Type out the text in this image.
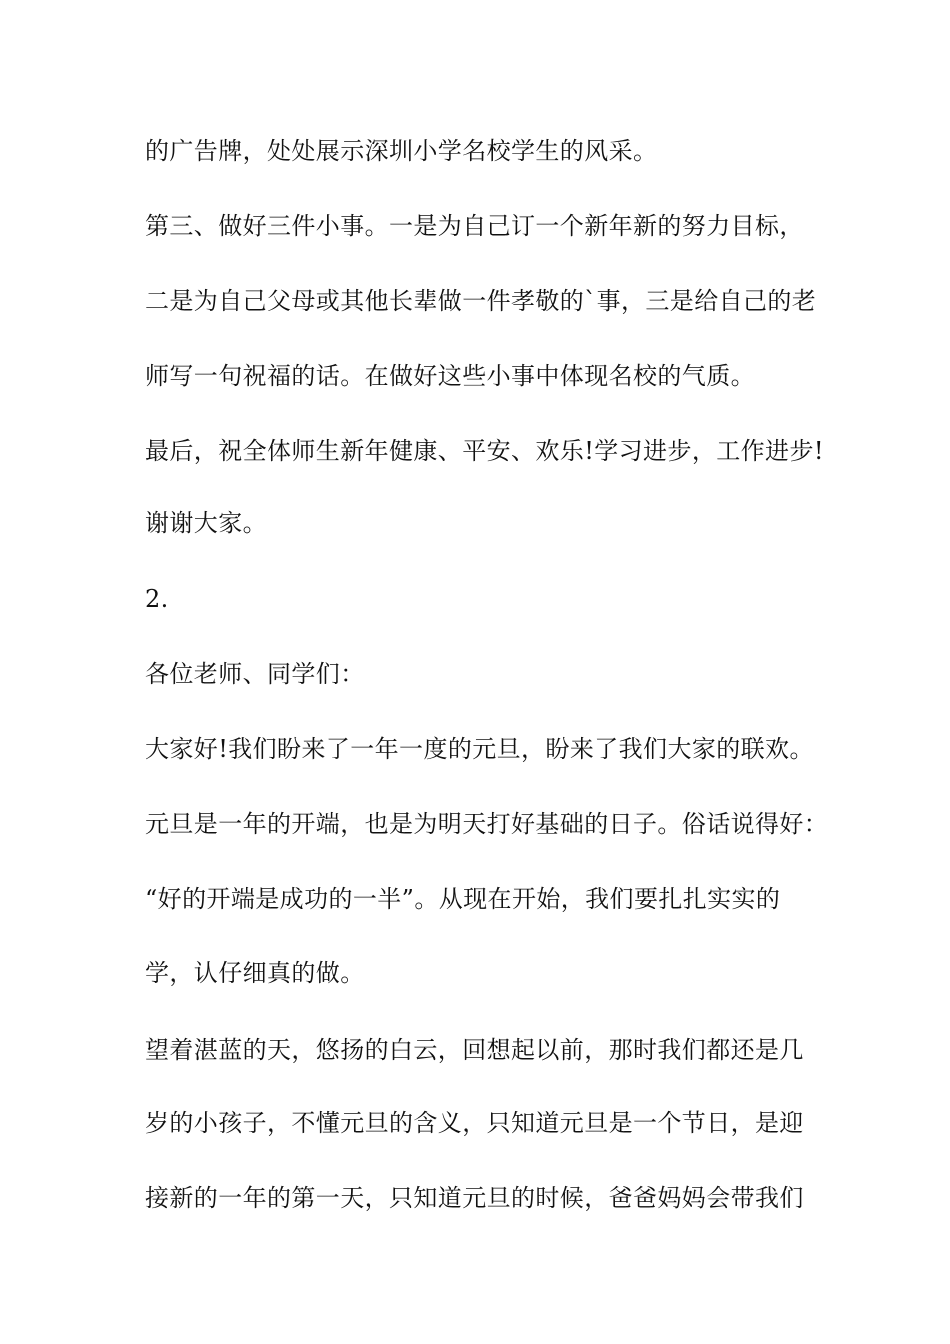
的广告牌，处处展示深圳小学名校学生的风采。
第三、做好三件小事。一是为自己订一个新年新的努力目标，
二是为自己父母或其他长辈做一件孝敬的`事，三是给自己的老
师写一句祝福的话。在做好这些小事中体现名校的气质。
最后，祝全体师生新年健康、平安、欢乐!学习进步，工作进步!
谢谢大家。
2.
各位老师、同学们：
大家好!我们盼来了一年一度的元旦，盼来了我们大家的联欢。
元旦是一年的开端，也是为明天打好基础的日子。俗话说得好：
“好的开端是成功的一半”。从现在开始，我们要扎扎实实的
学，认仔细真的做。
望着湛蓝的天，悠扬的白云，回想起以前，那时我们都还是几
岁的小孩子，不懂元旦的含义，只知道元旦是一个节日，是迎
接新的一年的第一天，只知道元旦的时候，爸爸妈妈会带我们
